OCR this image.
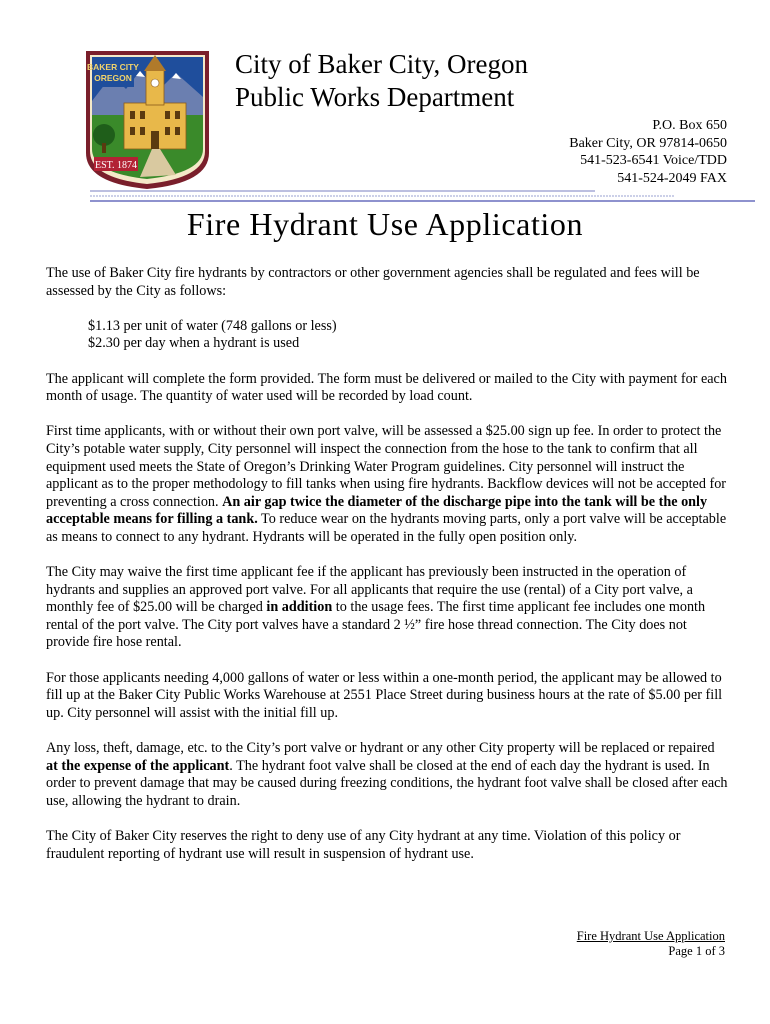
BAKER CITY
OREGON
EST. 1874
City of Baker City, Oregon
Public Works Department
P.O. Box 650
Baker City, OR 97814-0650
541-523-6541 Voice/TDD
541-524-2049 FAX
Fire Hydrant Use Application

The use of Baker City fire hydrants by contractors or other government agencies shall be regulated and fees will be assessed by the City as follows:

$1.13 per unit of water (748 gallons or less)
$2.30 per day when a hydrant is used

The applicant will complete the form provided. The form must be delivered or mailed to the City with payment for each month of usage. The quantity of water used will be recorded by load count.

First time applicants, with or without their own port valve, will be assessed a $25.00 sign up fee. In order to protect the City’s potable water supply, City personnel will inspect the connection from the hose to the tank to confirm that all equipment used meets the State of Oregon’s Drinking Water Program guidelines. City personnel will instruct the applicant as to the proper methodology to fill tanks when using fire hydrants. Backflow devices will not be accepted for preventing a cross connection. An air gap twice the diameter of the discharge pipe into the tank will be the only acceptable means for filling a tank. To reduce wear on the hydrants moving parts, only a port valve will be acceptable as means to connect to any hydrant. Hydrants will be operated in the fully open position only.

The City may waive the first time applicant fee if the applicant has previously been instructed in the operation of hydrants and supplies an approved port valve. For all applicants that require the use (rental) of a City port valve, a monthly fee of $25.00 will be charged in addition to the usage fees. The first time applicant fee includes one month rental of the port valve. The City port valves have a standard 2 ½” fire hose thread connection. The City does not provide fire hose rental.

For those applicants needing 4,000 gallons of water or less within a one-month period, the applicant may be allowed to fill up at the Baker City Public Works Warehouse at 2551 Place Street during business hours at the rate of $5.00 per fill up. City personnel will assist with the initial fill up.

Any loss, theft, damage, etc. to the City’s port valve or hydrant or any other City property will be replaced or repaired at the expense of the applicant. The hydrant foot valve shall be closed at the end of each day the hydrant is used. In order to prevent damage that may be caused during freezing conditions, the hydrant foot valve shall be closed after each use, allowing the hydrant to drain.

The City of Baker City reserves the right to deny use of any City hydrant at any time. Violation of this policy or fraudulent reporting of hydrant use will result in suspension of hydrant use.

Fire Hydrant Use Application
Page 1 of 3
